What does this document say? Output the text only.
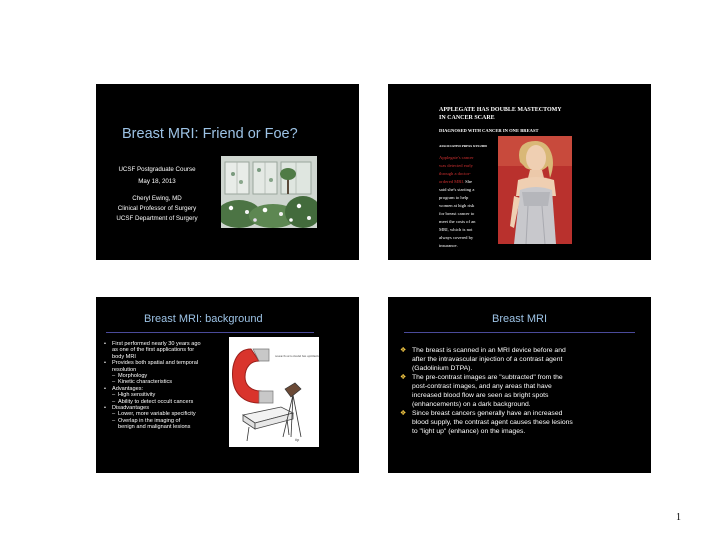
Breast MRI: Friend or Foe?
UCSF Postgraduate Course
May 18, 2013
Cheryl Ewing, MD
Clinical Professor of Surgery
UCSF Department of Surgery
APPLEGATE HAS DOUBLE MASTECTOMY
IN CANCER SCARE
DIAGNOSED WITH CANCER IN ONE BREAST
ASSOCIATED PRESS 8/19/2008
Applegate's cancer
was detected early
through a doctor-
ordered MRI. She
said she's starting a
program to help
women at high risk
for breast cancer to
meet the costs of an
MRI, which is not
always covered by
insurance.
Breast MRI: background
• First performed nearly 30 years ago
as one of the first applications for
body MRI
• Provides both spatial and temporal
resolution
– Morphology
– Kinetic characteristics
• Advantages:
– High sensitivity
– Ability to detect occult cancers
• Disadvantages
– Lower, more variable specificity
– Overlap in the imaging of
benign and malignant lesions
research as/to model has optimum
ttp
Breast MRI
❖ The breast is scanned in an MRI device before and
after the intravascular injection of a contrast agent
(Gadolinium DTPA).
❖ The pre-contrast images are "subtracted" from the
post-contrast images, and any areas that have
increased blood flow are seen as bright spots
(enhancements) on a dark background.
❖ Since breast cancers generally have an increased
blood supply, the contrast agent causes these lesions
to "light up" (enhance) on the images.
1
